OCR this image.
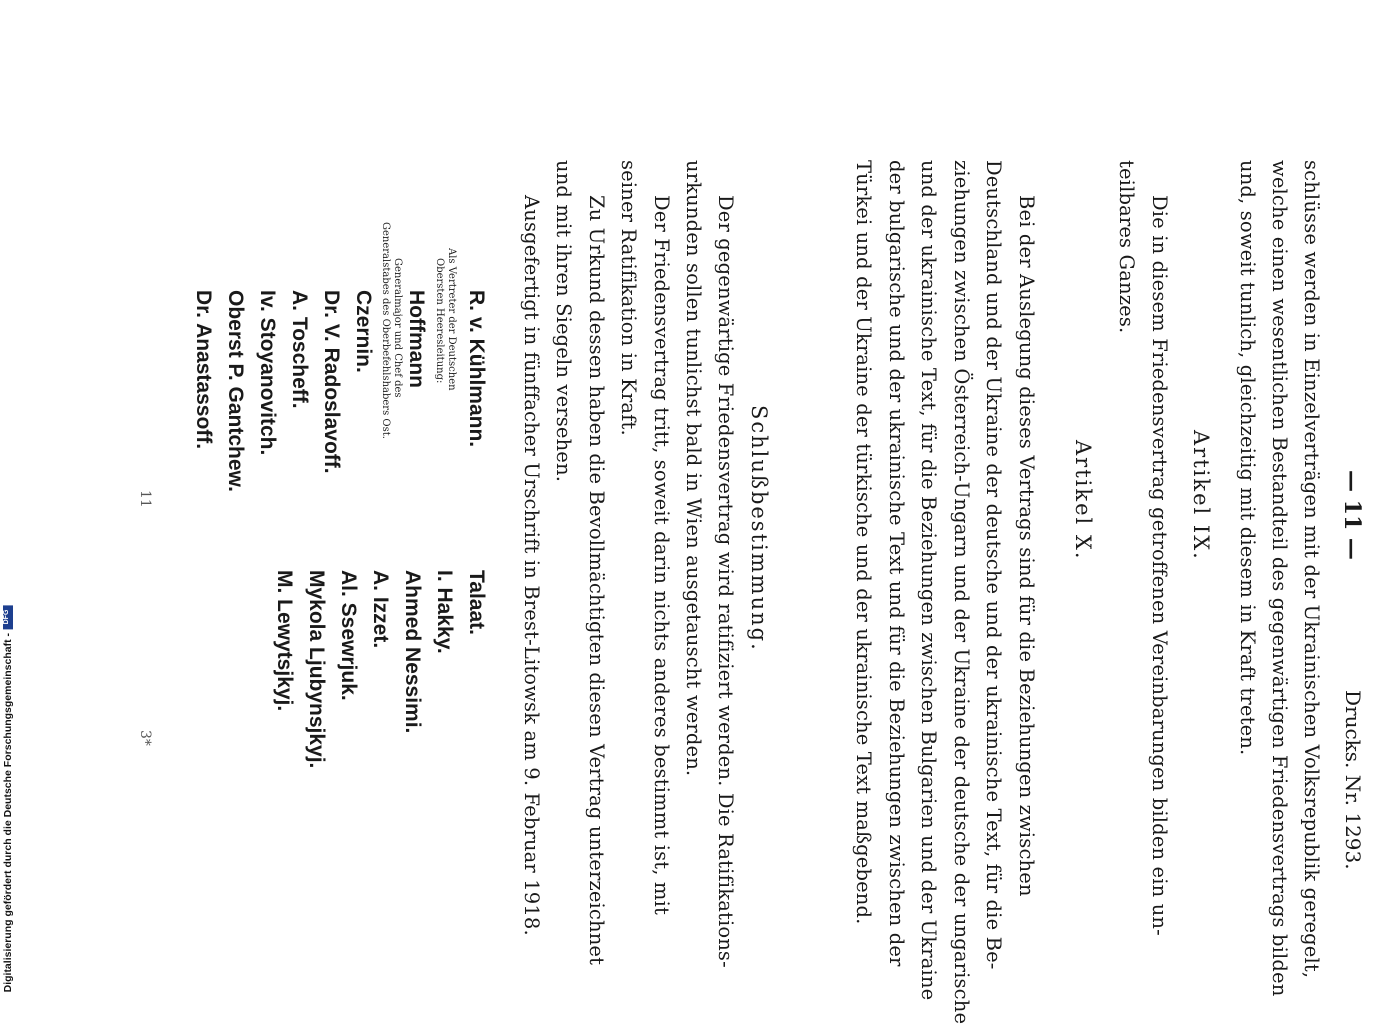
— 11 —
Drucks. Nr. 1293.
schlüsse werden in Einzelverträgen mit der Ukrainischen Volksrepublik geregelt,
welche einen wesentlichen Bestandteil des gegenwärtigen Friedensvertrags bilden
und, soweit tunlich, gleichzeitig mit diesem in Kraft treten.
Artikel IX.
Die in diesem Friedensvertrag getroffenen Vereinbarungen bilden ein un-
teilbares Ganzes.
Artikel X.
Bei der Auslegung dieses Vertrags sind für die Beziehungen zwischen
Deutschland und der Ukraine der deutsche und der ukrainische Text, für die Be-
ziehungen zwischen Österreich-Ungarn und der Ukraine der deutsche der ungarische
und der ukrainische Text, für die Beziehungen zwischen Bulgarien und der Ukraine
der bulgarische und der ukrainische Text und für die Beziehungen zwischen der
Türkei und der Ukraine der türkische und der ukrainische Text maßgebend.
Schlußbestimmung.
Der gegenwärtige Friedensvertrag wird ratifiziert werden. Die Ratifikations-
urkunden sollen tunlichst bald in Wien ausgetauscht werden.
Der Friedensvertrag tritt, soweit darin nichts anderes bestimmt ist, mit
seiner Ratifikation in Kraft.
Zu Urkund dessen haben die Bevollmächtigten diesen Vertrag unterzeichnet
und mit ihren Siegeln versehen.
Ausgefertigt in fünffacher Urschrift in Brest-Litowsk am 9. Februar 1918.
R. v. Kühlmann.
Als Vertreter der Deutschen
Obersten Heeresleitung:
Hoffmann
Generalmajor und Chef des
Generalstabes des Oberbefehlshabers Ost.
Czernin.
Dr. V. Radoslavoff.
A. Toscheff.
Iv. Stoyanovitch.
Oberst P. Gantchew.
Dr. Anastassoff.
Talaat.
I. Hakky.
Ahmed Nessimi.
A. Izzet.
Al. Ssewrjuk.
Mykola Ljubynsjkyj.
M. Lewytsjkyj.
11
3*
Digitalisierung gefördert durch die Deutsche Forschungsgemeinschaft -
DFG
